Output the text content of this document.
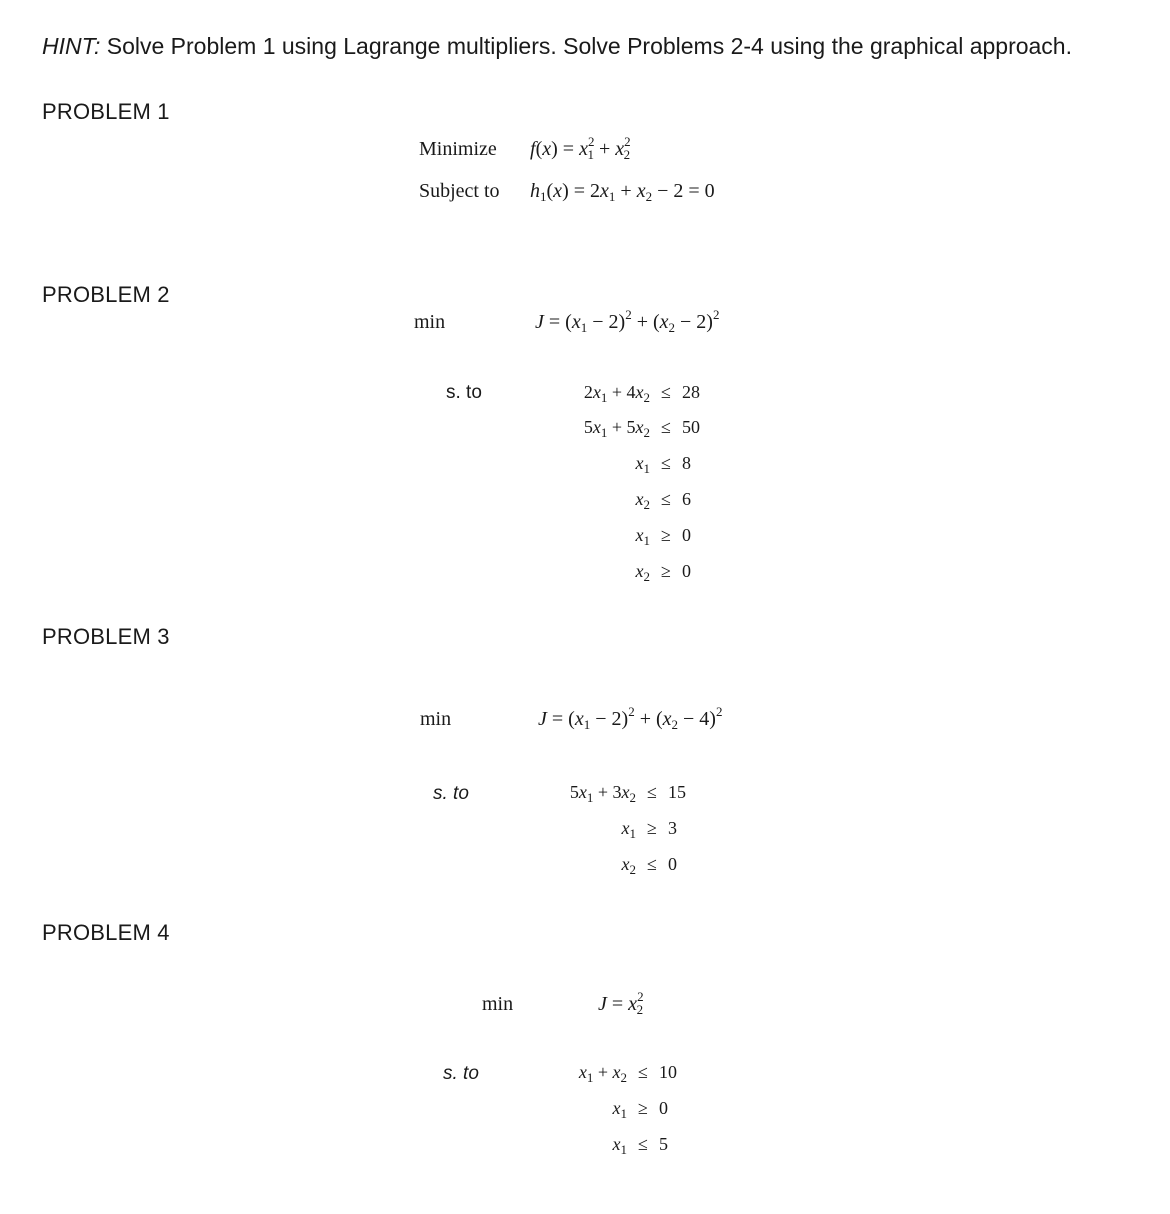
HINT: Solve Problem 1 using Lagrange multipliers. Solve Problems 2-4 using the graphical approach.
PROBLEM 1
Minimize $f(x) = x^2_1 + x^2_2$
Subject to $h_1(x) = 2x_1 + x_2 - 2 = 0$
PROBLEM 2
min	$J = (x_1 - 2)^2 + (x_2 - 2)^2$
s. to	$2x_1 + 4x_2 \le 28$
$5x_1 + 5x_2 \le 50$
$x_1 \le 8$
$x_2 \le 6$
$x_1 \ge 0$
$x_2 \ge 0$
PROBLEM 3
min	$J = (x_1 - 2)^2 + (x_2 - 4)^2$
s. to	$5x_1 + 3x_2 \le 15$
$x_1 \ge 3$
$x_2 \le 0$
PROBLEM 4
min	$J = x^2_2$
s. to	$x_1 + x_2 \le 10$
$x_1 \ge 0$
$x_1 \le 5$
